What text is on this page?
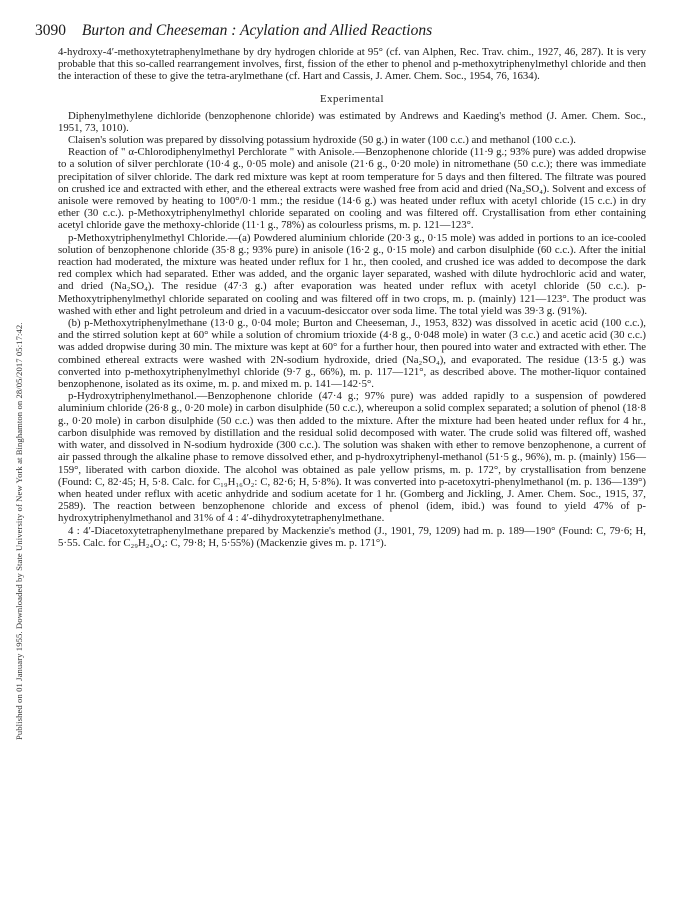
Published on 01 January 1955. Downloaded by State University of New York at Binghamton on 28/05/2017 05:17:42.
3090 Burton and Cheeseman : Acylation and Allied Reactions

4-hydroxy-4′-methoxytetraphenylmethane by dry hydrogen chloride at 95° (cf. van Alphen, Rec. Trav. chim., 1927, 46, 287). It is very probable that this so-called rearrangement involves, first, fission of the ether to phenol and p-methoxytriphenylmethyl chloride and then the interaction of these to give the tetra-arylmethane (cf. Hart and Cassis, J. Amer. Chem. Soc., 1954, 76, 1634).

Experimental

Diphenylmethylene dichloride (benzophenone chloride) was estimated by Andrews and Kaeding's method (J. Amer. Chem. Soc., 1951, 73, 1010).

Claisen's solution was prepared by dissolving potassium hydroxide (50 g.) in water (100 c.c.) and methanol (100 c.c.).

Reaction of " α-Chlorodiphenylmethyl Perchlorate " with Anisole.—Benzophenone chloride (11·9 g.; 93% pure) was added dropwise to a solution of silver perchlorate (10·4 g., 0·05 mole) and anisole (21·6 g., 0·20 mole) in nitromethane (50 c.c.); there was immediate precipitation of silver chloride. The dark red mixture was kept at room temperature for 5 days and then filtered. The filtrate was poured on crushed ice and extracted with ether, and the ethereal extracts were washed free from acid and dried (Na₂SO₄). Solvent and excess of anisole were removed by heating to 100°/0·1 mm.; the residue (14·6 g.) was heated under reflux with acetyl chloride (15 c.c.) in dry ether (30 c.c.). p-Methoxytriphenylmethyl chloride separated on cooling and was filtered off. Crystallisation from ether containing acetyl chloride gave the methoxy-chloride (11·1 g., 78%) as colourless prisms, m. p. 121—123°.

p-Methoxytriphenylmethyl Chloride.—(a) Powdered aluminium chloride (20·3 g., 0·15 mole) was added in portions to an ice-cooled solution of benzophenone chloride (35·8 g.; 93% pure) in anisole (16·2 g., 0·15 mole) and carbon disulphide (60 c.c.). After the initial reaction had moderated, the mixture was heated under reflux for 1 hr., then cooled, and crushed ice was added to decompose the dark red complex which had separated. Ether was added, and the organic layer separated, washed with dilute hydrochloric acid and water, and dried (Na₂SO₄). The residue (47·3 g.) after evaporation was heated under reflux with acetyl chloride (50 c.c.). p-Methoxytriphenylmethyl chloride separated on cooling and was filtered off in two crops, m. p. (mainly) 121—123°. The product was washed with ether and light petroleum and dried in a vacuum-desiccator over soda lime. The total yield was 39·3 g. (91%).

(b) p-Methoxytriphenylmethane (13·0 g., 0·04 mole; Burton and Cheeseman, J., 1953, 832) was dissolved in acetic acid (100 c.c.), and the stirred solution kept at 60° while a solution of chromium trioxide (4·8 g., 0·048 mole) in water (3 c.c.) and acetic acid (30 c.c.) was added dropwise during 30 min. The mixture was kept at 60° for a further hour, then poured into water and extracted with ether. The combined ethereal extracts were washed with 2N-sodium hydroxide, dried (Na₂SO₄), and evaporated. The residue (13·5 g.) was converted into p-methoxytriphenylmethyl chloride (9·7 g., 66%), m. p. 117—121°, as described above. The mother-liquor contained benzophenone, isolated as its oxime, m. p. and mixed m. p. 141—142·5°.

p-Hydroxytriphenylmethanol.—Benzophenone chloride (47·4 g.; 97% pure) was added rapidly to a suspension of powdered aluminium chloride (26·8 g., 0·20 mole) in carbon disulphide (50 c.c.), whereupon a solid complex separated; a solution of phenol (18·8 g., 0·20 mole) in carbon disulphide (50 c.c.) was then added to the mixture. After the mixture had been heated under reflux for 4 hr., carbon disulphide was removed by distillation and the residual solid decomposed with water. The crude solid was filtered off, washed with water, and dissolved in N-sodium hydroxide (300 c.c.). The solution was shaken with ether to remove benzophenone, a current of air passed through the alkaline phase to remove dissolved ether, and p-hydroxytriphenyl-methanol (51·5 g., 96%), m. p. (mainly) 156—159°, liberated with carbon dioxide. The alcohol was obtained as pale yellow prisms, m. p. 172°, by crystallisation from benzene (Found: C, 82·45; H, 5·8. Calc. for C₁₉H₁₆O₂: C, 82·6; H, 5·8%). It was converted into p-acetoxytri-phenylmethanol (m. p. 136—139°) when heated under reflux with acetic anhydride and sodium acetate for 1 hr. (Gomberg and Jickling, J. Amer. Chem. Soc., 1915, 37, 2589). The reaction between benzophenone chloride and excess of phenol (idem, ibid.) was found to yield 47% of p-hydroxytriphenylmethanol and 31% of 4 : 4′-dihydroxytetraphenylmethane.

4 : 4′-Diacetoxytetraphenylmethane prepared by Mackenzie's method (J., 1901, 79, 1209) had m. p. 189—190° (Found: C, 79·6; H, 5·55. Calc. for C₂₉H₂₄O₄: C, 79·8; H, 5·55%) (Mackenzie gives m. p. 171°).
